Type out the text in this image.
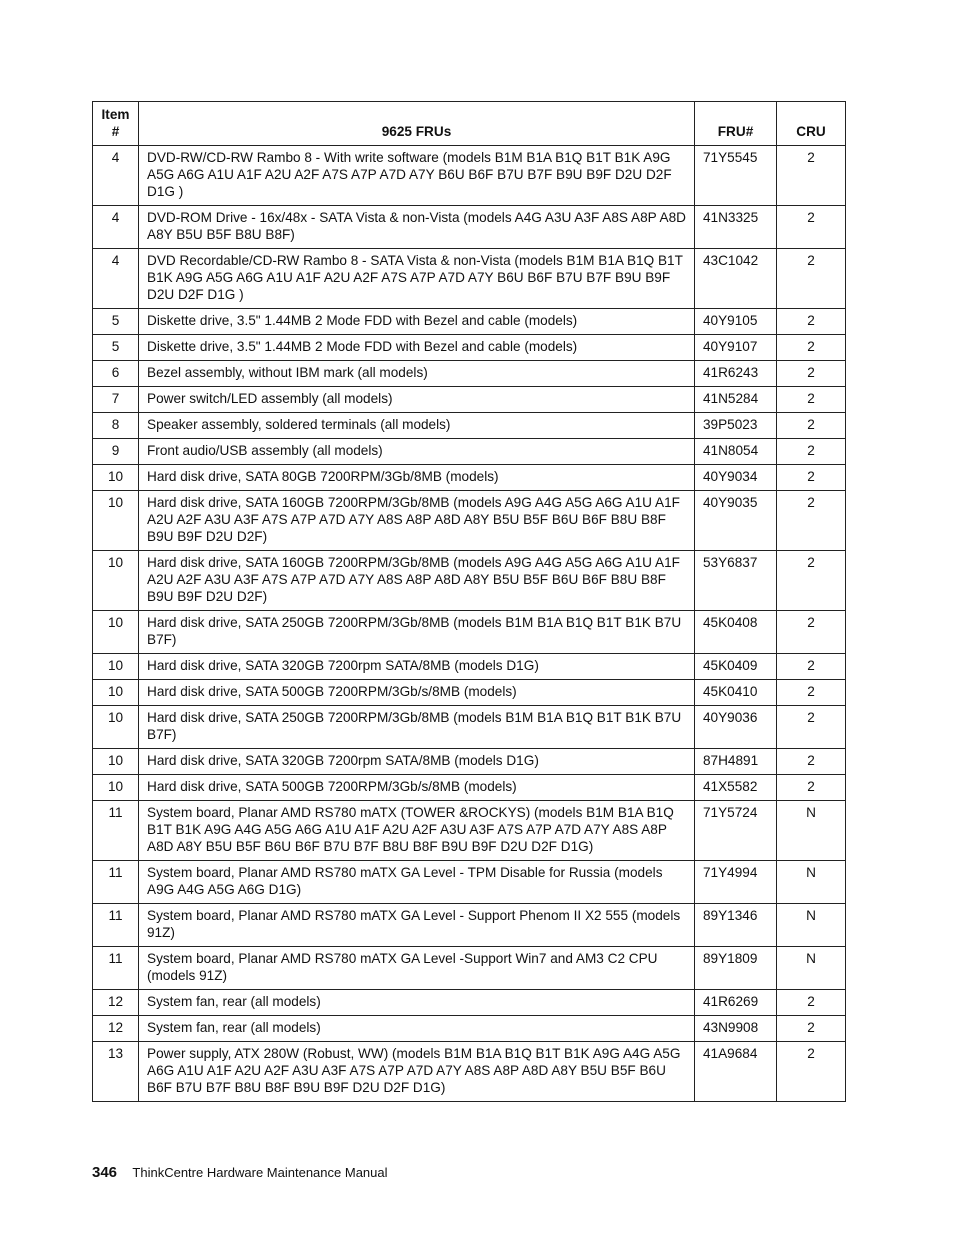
Item #	9625 FRUs	FRU#	CRU
4	DVD-RW/CD-RW Rambo 8 - With write software (models B1M B1A B1Q B1T B1K A9G A5G A6G A1U A1F A2U A2F A7S A7P A7D A7Y B6U B6F B7U B7F B9U B9F D2U D2F D1G )	71Y5545	2
4	DVD-ROM Drive - 16x/48x - SATA Vista & non-Vista (models A4G A3U A3F A8S A8P A8D A8Y B5U B5F B8U B8F)	41N3325	2
4	DVD Recordable/CD-RW Rambo 8 - SATA Vista & non-Vista (models B1M B1A B1Q B1T B1K A9G A5G A6G A1U A1F A2U A2F A7S A7P A7D A7Y B6U B6F B7U B7F B9U B9F D2U D2F D1G )	43C1042	2
5	Diskette drive, 3.5" 1.44MB 2 Mode FDD with Bezel and cable (models)	40Y9105	2
5	Diskette drive, 3.5" 1.44MB 2 Mode FDD with Bezel and cable (models)	40Y9107	2
6	Bezel assembly, without IBM mark (all models)	41R6243	2
7	Power switch/LED assembly (all models)	41N5284	2
8	Speaker assembly, soldered terminals (all models)	39P5023	2
9	Front audio/USB assembly (all models)	41N8054	2
10	Hard disk drive, SATA 80GB 7200RPM/3Gb/8MB (models)	40Y9034	2
10	Hard disk drive, SATA 160GB 7200RPM/3Gb/8MB (models A9G A4G A5G A6G A1U A1F A2U A2F A3U A3F A7S A7P A7D A7Y A8S A8P A8D A8Y B5U B5F B6U B6F B8U B8F B9U B9F D2U D2F)	40Y9035	2
10	Hard disk drive, SATA 160GB 7200RPM/3Gb/8MB (models A9G A4G A5G A6G A1U A1F A2U A2F A3U A3F A7S A7P A7D A7Y A8S A8P A8D A8Y B5U B5F B6U B6F B8U B8F B9U B9F D2U D2F)	53Y6837	2
10	Hard disk drive, SATA 250GB 7200RPM/3Gb/8MB (models B1M B1A B1Q B1T B1K B7U B7F)	45K0408	2
10	Hard disk drive, SATA 320GB 7200rpm SATA/8MB (models D1G)	45K0409	2
10	Hard disk drive, SATA 500GB 7200RPM/3Gb/s/8MB (models)	45K0410	2
10	Hard disk drive, SATA 250GB 7200RPM/3Gb/8MB (models B1M B1A B1Q B1T B1K B7U B7F)	40Y9036	2
10	Hard disk drive, SATA 320GB 7200rpm SATA/8MB (models D1G)	87H4891	2
10	Hard disk drive, SATA 500GB 7200RPM/3Gb/s/8MB (models)	41X5582	2
11	System board, Planar AMD RS780 mATX (TOWER &ROCKYS) (models B1M B1A B1Q B1T B1K A9G A4G A5G A6G A1U A1F A2U A2F A3U A3F A7S A7P A7D A7Y A8S A8P A8D A8Y B5U B5F B6U B6F B7U B7F B8U B8F B9U B9F D2U D2F D1G)	71Y5724	N
11	System board, Planar AMD RS780 mATX GA Level - TPM Disable for Russia (models A9G A4G A5G A6G D1G)	71Y4994	N
11	System board, Planar AMD RS780 mATX GA Level - Support Phenom II X2 555 (models 91Z)	89Y1346	N
11	System board, Planar AMD RS780 mATX GA Level -Support Win7 and AM3 C2 CPU (models 91Z)	89Y1809	N
12	System fan, rear (all models)	41R6269	2
12	System fan, rear (all models)	43N9908	2
13	Power supply, ATX 280W (Robust, WW) (models B1M B1A B1Q B1T B1K A9G A4G A5G A6G A1U A1F A2U A2F A3U A3F A7S A7P A7D A7Y A8S A8P A8D A8Y B5U B5F B6U B6F B7U B7F B8U B8F B9U B9F D2U D2F D1G)	41A9684	2
346 ThinkCentre Hardware Maintenance Manual
